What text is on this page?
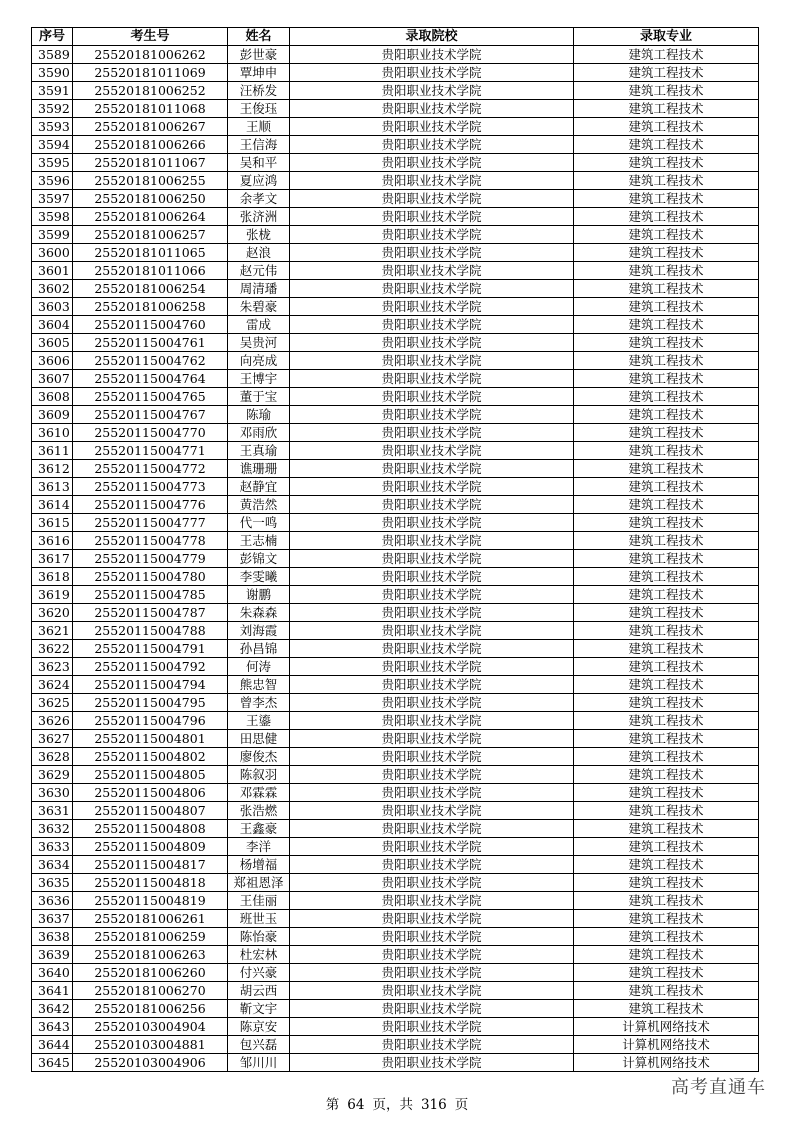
序号	考生号	姓名	录取院校	录取专业
3589	25520181006262	彭世豪	贵阳职业技术学院	建筑工程技术
3590	25520181011069	覃坤申	贵阳职业技术学院	建筑工程技术
3591	25520181006252	汪桥发	贵阳职业技术学院	建筑工程技术
3592	25520181011068	王俊珏	贵阳职业技术学院	建筑工程技术
3593	25520181006267	王顺	贵阳职业技术学院	建筑工程技术
3594	25520181006266	王信海	贵阳职业技术学院	建筑工程技术
3595	25520181011067	吴和平	贵阳职业技术学院	建筑工程技术
3596	25520181006255	夏应鸿	贵阳职业技术学院	建筑工程技术
3597	25520181006250	余孝文	贵阳职业技术学院	建筑工程技术
3598	25520181006264	张济洲	贵阳职业技术学院	建筑工程技术
3599	25520181006257	张栊	贵阳职业技术学院	建筑工程技术
3600	25520181011065	赵浪	贵阳职业技术学院	建筑工程技术
3601	25520181011066	赵元伟	贵阳职业技术学院	建筑工程技术
3602	25520181006254	周清璠	贵阳职业技术学院	建筑工程技术
3603	25520181006258	朱碧豪	贵阳职业技术学院	建筑工程技术
3604	25520115004760	雷成	贵阳职业技术学院	建筑工程技术
3605	25520115004761	吴贵河	贵阳职业技术学院	建筑工程技术
3606	25520115004762	向亮成	贵阳职业技术学院	建筑工程技术
3607	25520115004764	王博宇	贵阳职业技术学院	建筑工程技术
3608	25520115004765	董于宝	贵阳职业技术学院	建筑工程技术
3609	25520115004767	陈瑜	贵阳职业技术学院	建筑工程技术
3610	25520115004770	邓雨欣	贵阳职业技术学院	建筑工程技术
3611	25520115004771	王真瑜	贵阳职业技术学院	建筑工程技术
3612	25520115004772	谯珊珊	贵阳职业技术学院	建筑工程技术
3613	25520115004773	赵静宜	贵阳职业技术学院	建筑工程技术
3614	25520115004776	黄浩然	贵阳职业技术学院	建筑工程技术
3615	25520115004777	代一鸣	贵阳职业技术学院	建筑工程技术
3616	25520115004778	王志楠	贵阳职业技术学院	建筑工程技术
3617	25520115004779	彭锦文	贵阳职业技术学院	建筑工程技术
3618	25520115004780	李雯曦	贵阳职业技术学院	建筑工程技术
3619	25520115004785	谢鹏	贵阳职业技术学院	建筑工程技术
3620	25520115004787	朱森森	贵阳职业技术学院	建筑工程技术
3621	25520115004788	刘海霞	贵阳职业技术学院	建筑工程技术
3622	25520115004791	孙昌锦	贵阳职业技术学院	建筑工程技术
3623	25520115004792	何涛	贵阳职业技术学院	建筑工程技术
3624	25520115004794	熊忠智	贵阳职业技术学院	建筑工程技术
3625	25520115004795	曾李杰	贵阳职业技术学院	建筑工程技术
3626	25520115004796	王鎏	贵阳职业技术学院	建筑工程技术
3627	25520115004801	田思健	贵阳职业技术学院	建筑工程技术
3628	25520115004802	廖俊杰	贵阳职业技术学院	建筑工程技术
3629	25520115004805	陈叙羽	贵阳职业技术学院	建筑工程技术
3630	25520115004806	邓霖霖	贵阳职业技术学院	建筑工程技术
3631	25520115004807	张浩燃	贵阳职业技术学院	建筑工程技术
3632	25520115004808	王鑫豪	贵阳职业技术学院	建筑工程技术
3633	25520115004809	李洋	贵阳职业技术学院	建筑工程技术
3634	25520115004817	杨增福	贵阳职业技术学院	建筑工程技术
3635	25520115004818	郑祖恩泽	贵阳职业技术学院	建筑工程技术
3636	25520115004819	王佳丽	贵阳职业技术学院	建筑工程技术
3637	25520181006261	班世玉	贵阳职业技术学院	建筑工程技术
3638	25520181006259	陈怡豪	贵阳职业技术学院	建筑工程技术
3639	25520181006263	杜宏林	贵阳职业技术学院	建筑工程技术
3640	25520181006260	付兴豪	贵阳职业技术学院	建筑工程技术
3641	25520181006270	胡云西	贵阳职业技术学院	建筑工程技术
3642	25520181006256	靳文宇	贵阳职业技术学院	建筑工程技术
3643	25520103004904	陈京安	贵阳职业技术学院	计算机网络技术
3644	25520103004881	包兴磊	贵阳职业技术学院	计算机网络技术
3645	25520103004906	邹川川	贵阳职业技术学院	计算机网络技术
第 64 页，共 316 页
高考直通车
